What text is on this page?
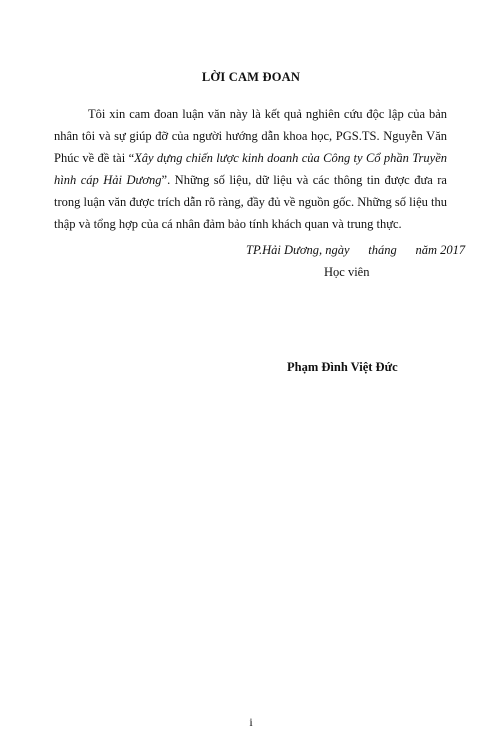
LỜI CAM ĐOAN

Tôi xin cam đoan luận văn này là kết quả nghiên cứu độc lập của bản nhân tôi và sự giúp đỡ của người hướng dẫn khoa học, PGS.TS. Nguyễn Văn Phúc về đề tài “Xây dựng chiến lược kinh doanh của Công ty Cổ phần Truyền hình cáp Hải Dương”. Những số liệu, dữ liệu và các thông tin được đưa ra trong luận văn được trích dẫn rõ ràng, đầy đủ về nguồn gốc. Những số liệu thu thập và tổng hợp của cá nhân đảm bảo tính khách quan và trung thực.

TP.Hải Dương, ngày      tháng      năm 2017
Học viên
Phạm Đình Việt Đức
i
